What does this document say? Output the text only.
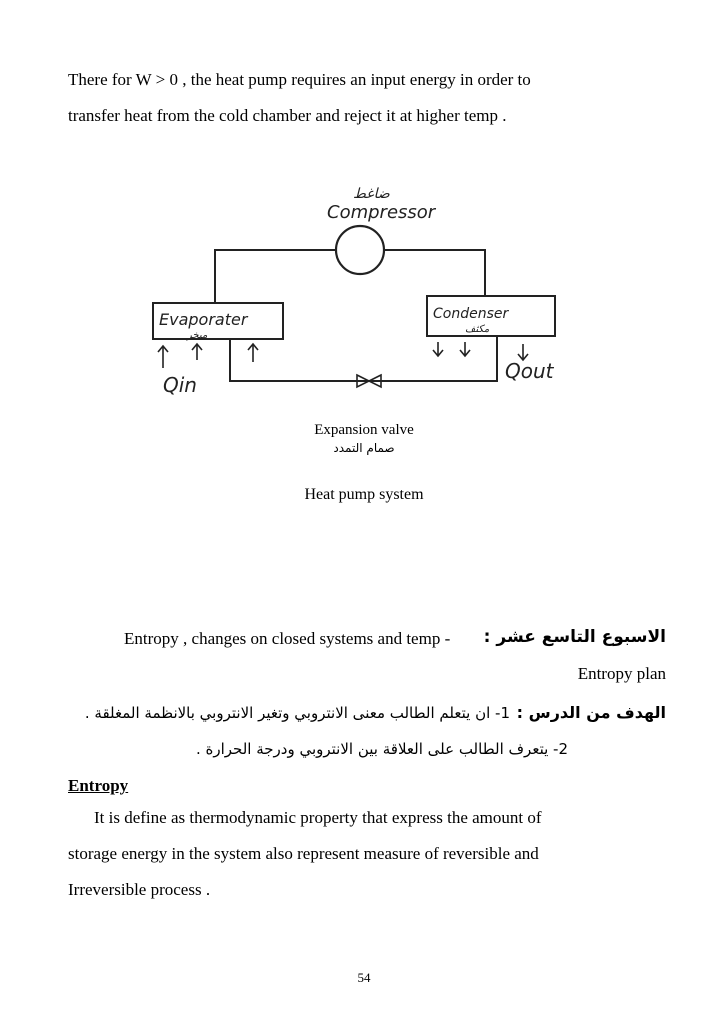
There for W > 0 , the heat pump requires an input energy in order to
transfer heat from the cold chamber and reject it at higher temp .
ضاغط
Compressor
Evaporater
مبخر
Condenser
مكثف
Qin
Qout
Expansion valve
صمام التمدد
Heat pump system
الاسبوع التاسع عشر :
Entropy , changes on closed systems and temp -
Entropy plan
الهدف من الدرس :
1- ان يتعلم الطالب معنى الانتروبي وتغير الانتروبي بالانظمة المغلقة .
2- يتعرف الطالب على العلاقة بين الانتروبي ودرجة الحرارة .
Entropy
It is define as thermodynamic property that express the amount of
storage energy in the system also represent measure of reversible and
Irreversible process .
54
